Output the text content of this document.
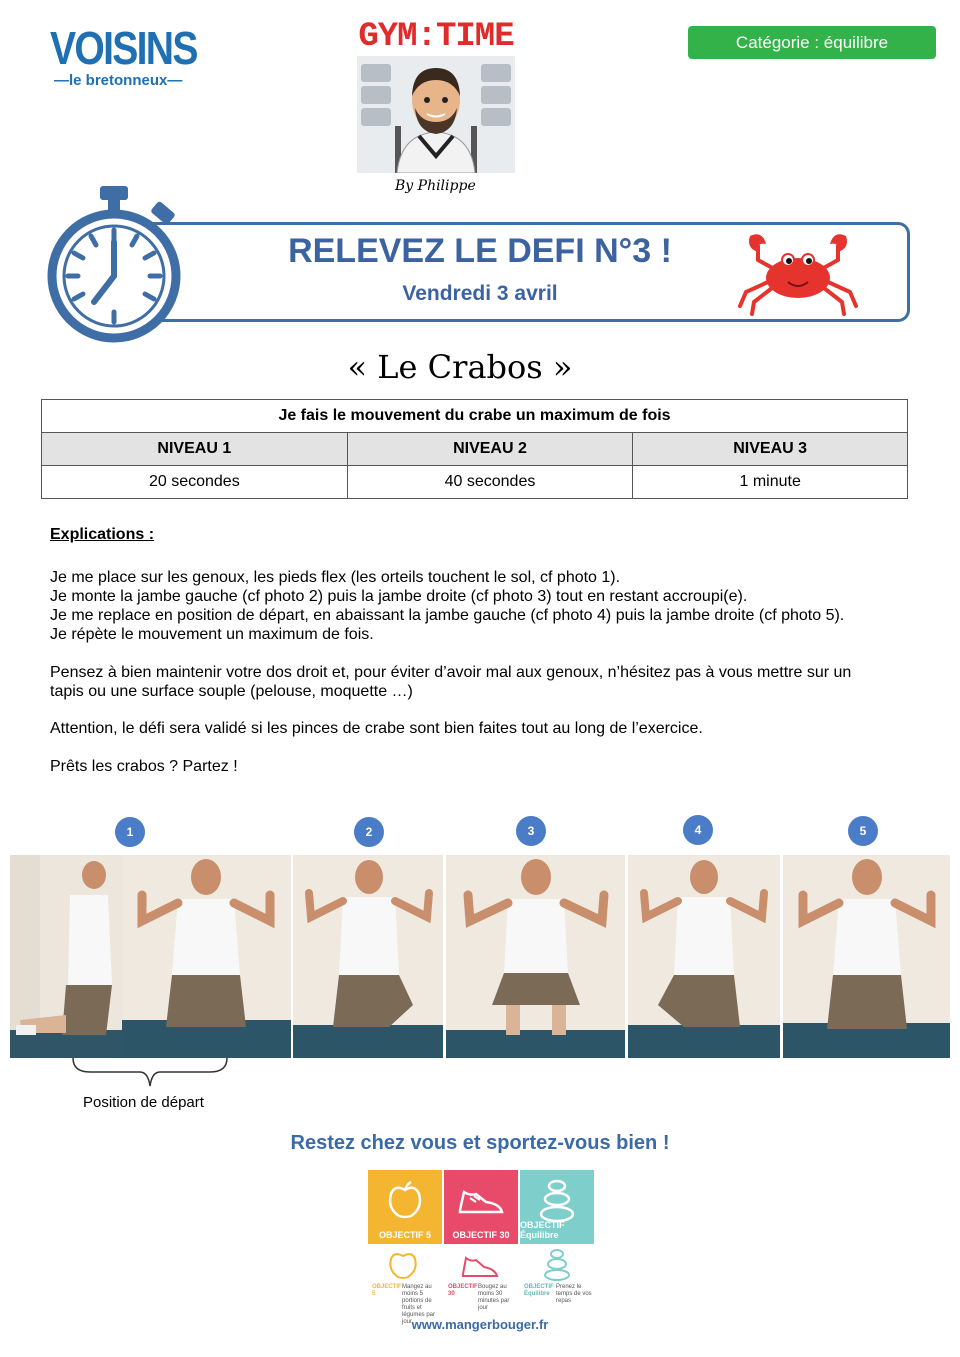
VOISINS
—le bretonneux—
GYM:TIME
By Philippe
Catégorie : équilibre
RELEVEZ LE DEFI N°3 !
Vendredi 3 avril
« Le Crabos »
Je fais le mouvement du crabe un maximum de fois		
NIVEAU 1	NIVEAU 2	NIVEAU 3
20 secondes	40 secondes	1 minute
Explications :
Je me place sur les genoux, les pieds flex (les orteils touchent le sol, cf photo 1).
Je monte la jambe gauche (cf photo 2) puis la jambe droite (cf photo 3) tout en restant accroupi(e).
Je me replace en position de départ, en abaissant la jambe gauche (cf photo 4) puis la jambe droite (cf photo 5).
Je répète le mouvement un maximum de fois.
Pensez à bien maintenir votre dos droit et, pour éviter d’avoir mal aux genoux, n’hésitez pas à vous mettre sur un tapis ou une surface souple (pelouse, moquette …)
Attention, le défi sera validé si les pinces de crabe sont bien faites tout au long de l’exercice.
Prêts les crabos ? Partez !
1	2	3	4	5
Position de départ
Restez chez vous et sportez-vous bien !
OBJECTIF 5 OBJECTIF 30
OBJECTIF Équilibre
OBJECTIF 5
Mangez au moins 5 portions de fruits et légumes par jour
OBJECTIF 30
Bougez au moins 30 minutes par jour
OBJECTIF Équilibre
Prenez le temps de vos repas
www.mangerbouger.fr
